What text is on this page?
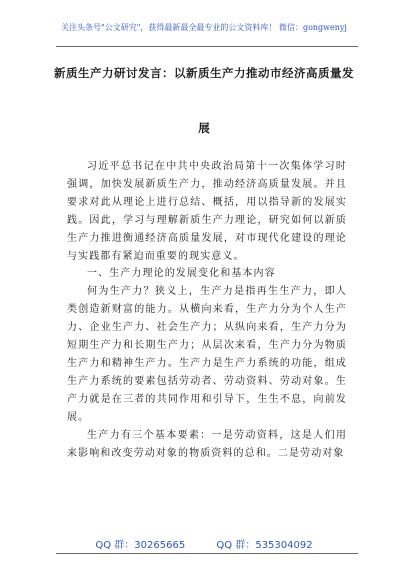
关注头条号"公文研究"，获得最新最全最专业的公文资料库！ 微信：gongwenyj
新质生产力研讨发言：以新质生产力推动市经济高质量发
展

习近平总书记在中共中央政治局第十一次集体学习时强调，加快发展新质生产力，推动经济高质量发展。并且要求对此从理论上进行总结、概括，用以指导新的发展实践。因此，学习与理解新质生产力理论，研究如何以新质生产力推进衡通经济高质量发展，对市现代化建设的理论与实践都有紧迫而重要的现实意义。

一、生产力理论的发展变化和基本内容

何为生产力？狭义上，生产力是指再生生产力，即人类创造新财富的能力。从横向来看，生产力分为个人生产力、企业生产力、社会生产力；从纵向来看，生产力分为短期生产力和长期生产力；从层次来看，生产力分为物质生产力和精神生产力。生产力是生产力系统的功能，组成生产力系统的要素包括劳动者、劳动资料、劳动对象。生产力就是在三者的共同作用和引导下，生生不息，向前发展。

生产力有三个基本要素：一是劳动资料，这是人们用来影响和改变劳动对象的物质资料的总和。二是劳动对象

QQ 群：30265665	QQ 群：535304092
